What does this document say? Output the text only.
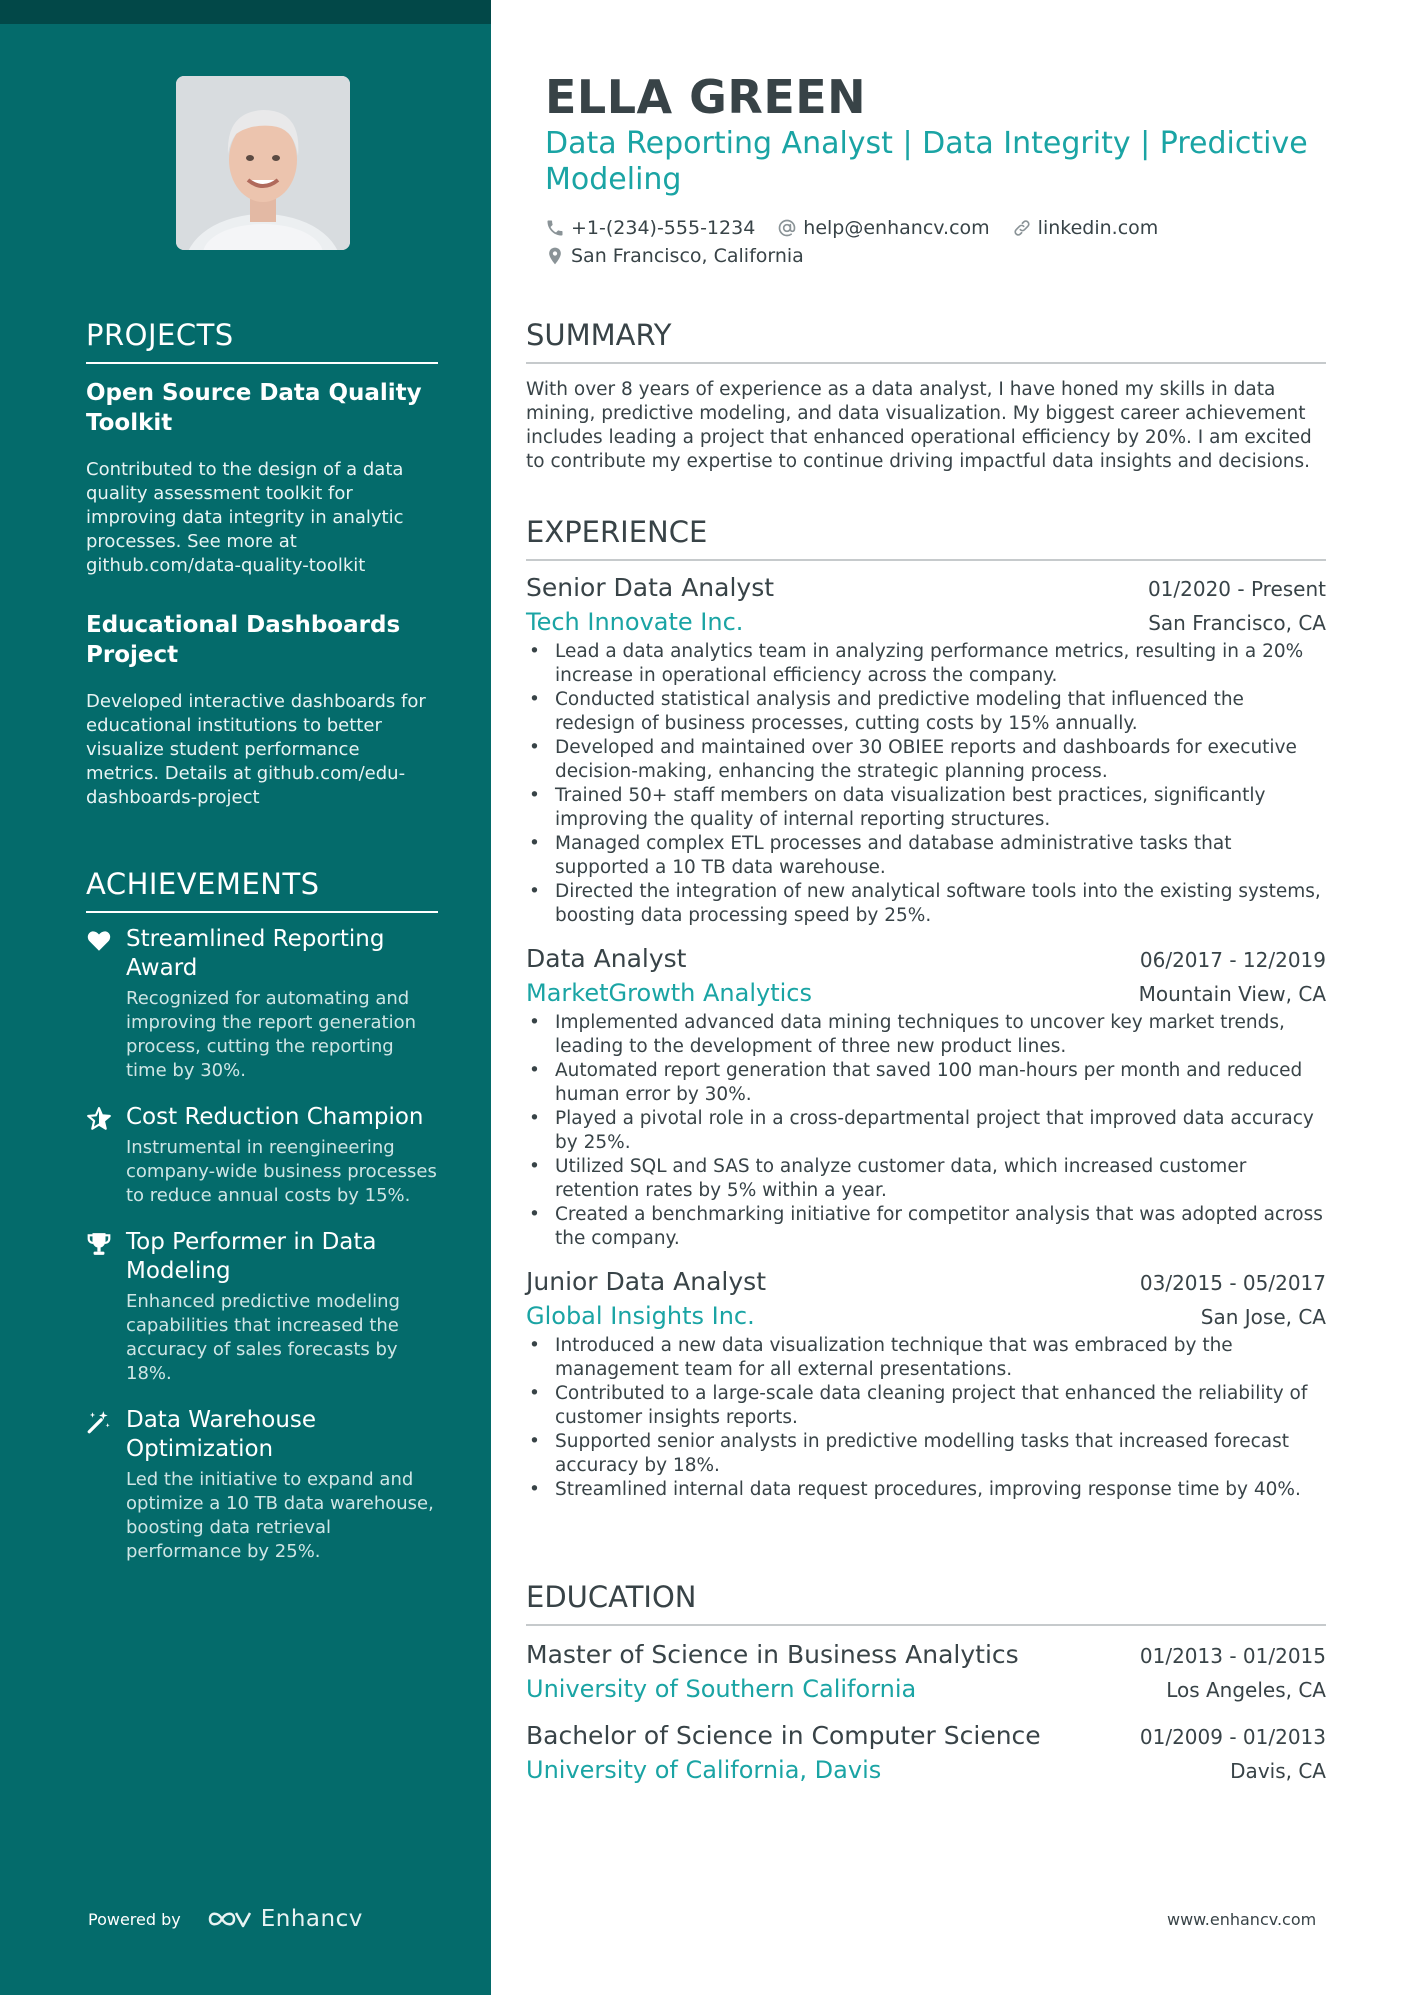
PROJECTS
Open Source Data Quality Toolkit
Contributed to the design of a data quality assessment toolkit for improving data integrity in analytic processes. See more at github.com/data-quality-toolkit
Educational Dashboards Project
Developed interactive dashboards for educational institutions to better visualize student performance metrics. Details at github.com/edu-dashboards-project
ACHIEVEMENTS
Streamlined Reporting Award
Recognized for automating and improving the report generation process, cutting the reporting time by 30%.
Cost Reduction Champion
Instrumental in reengineering company-wide business processes to reduce annual costs by 15%.
Top Performer in Data Modeling
Enhanced predictive modeling capabilities that increased the accuracy of sales forecasts by 18%.
Data Warehouse Optimization
Led the initiative to expand and optimize a 10 TB data warehouse, boosting data retrieval performance by 25%.
Powered by	Enhancv
ELLA GREEN
Data Reporting Analyst | Data Integrity | Predictive Modeling
+1-(234)-555-1234	help@enhancv.com	linkedin.com
San Francisco, California
SUMMARY
With over 8 years of experience as a data analyst, I have honed my skills in data mining, predictive modeling, and data visualization. My biggest career achievement includes leading a project that enhanced operational efficiency by 20%. I am excited to contribute my expertise to continue driving impactful data insights and decisions.
EXPERIENCE
Senior Data Analyst	01/2020 - Present
Tech Innovate Inc.	San Francisco, CA
• Lead a data analytics team in analyzing performance metrics, resulting in a 20% increase in operational efficiency across the company.
• Conducted statistical analysis and predictive modeling that influenced the redesign of business processes, cutting costs by 15% annually.
• Developed and maintained over 30 OBIEE reports and dashboards for executive decision-making, enhancing the strategic planning process.
• Trained 50+ staff members on data visualization best practices, significantly improving the quality of internal reporting structures.
• Managed complex ETL processes and database administrative tasks that supported a 10 TB data warehouse.
• Directed the integration of new analytical software tools into the existing systems, boosting data processing speed by 25%.
Data Analyst	06/2017 - 12/2019
MarketGrowth Analytics	Mountain View, CA
• Implemented advanced data mining techniques to uncover key market trends, leading to the development of three new product lines.
• Automated report generation that saved 100 man-hours per month and reduced human error by 30%.
• Played a pivotal role in a cross-departmental project that improved data accuracy by 25%.
• Utilized SQL and SAS to analyze customer data, which increased customer retention rates by 5% within a year.
• Created a benchmarking initiative for competitor analysis that was adopted across the company.
Junior Data Analyst	03/2015 - 05/2017
Global Insights Inc.	San Jose, CA
• Introduced a new data visualization technique that was embraced by the management team for all external presentations.
• Contributed to a large-scale data cleaning project that enhanced the reliability of customer insights reports.
• Supported senior analysts in predictive modelling tasks that increased forecast accuracy by 18%.
• Streamlined internal data request procedures, improving response time by 40%.
EDUCATION
Master of Science in Business Analytics	01/2013 - 01/2015
University of Southern California	Los Angeles, CA
Bachelor of Science in Computer Science	01/2009 - 01/2013
University of California, Davis	Davis, CA
www.enhancv.com
